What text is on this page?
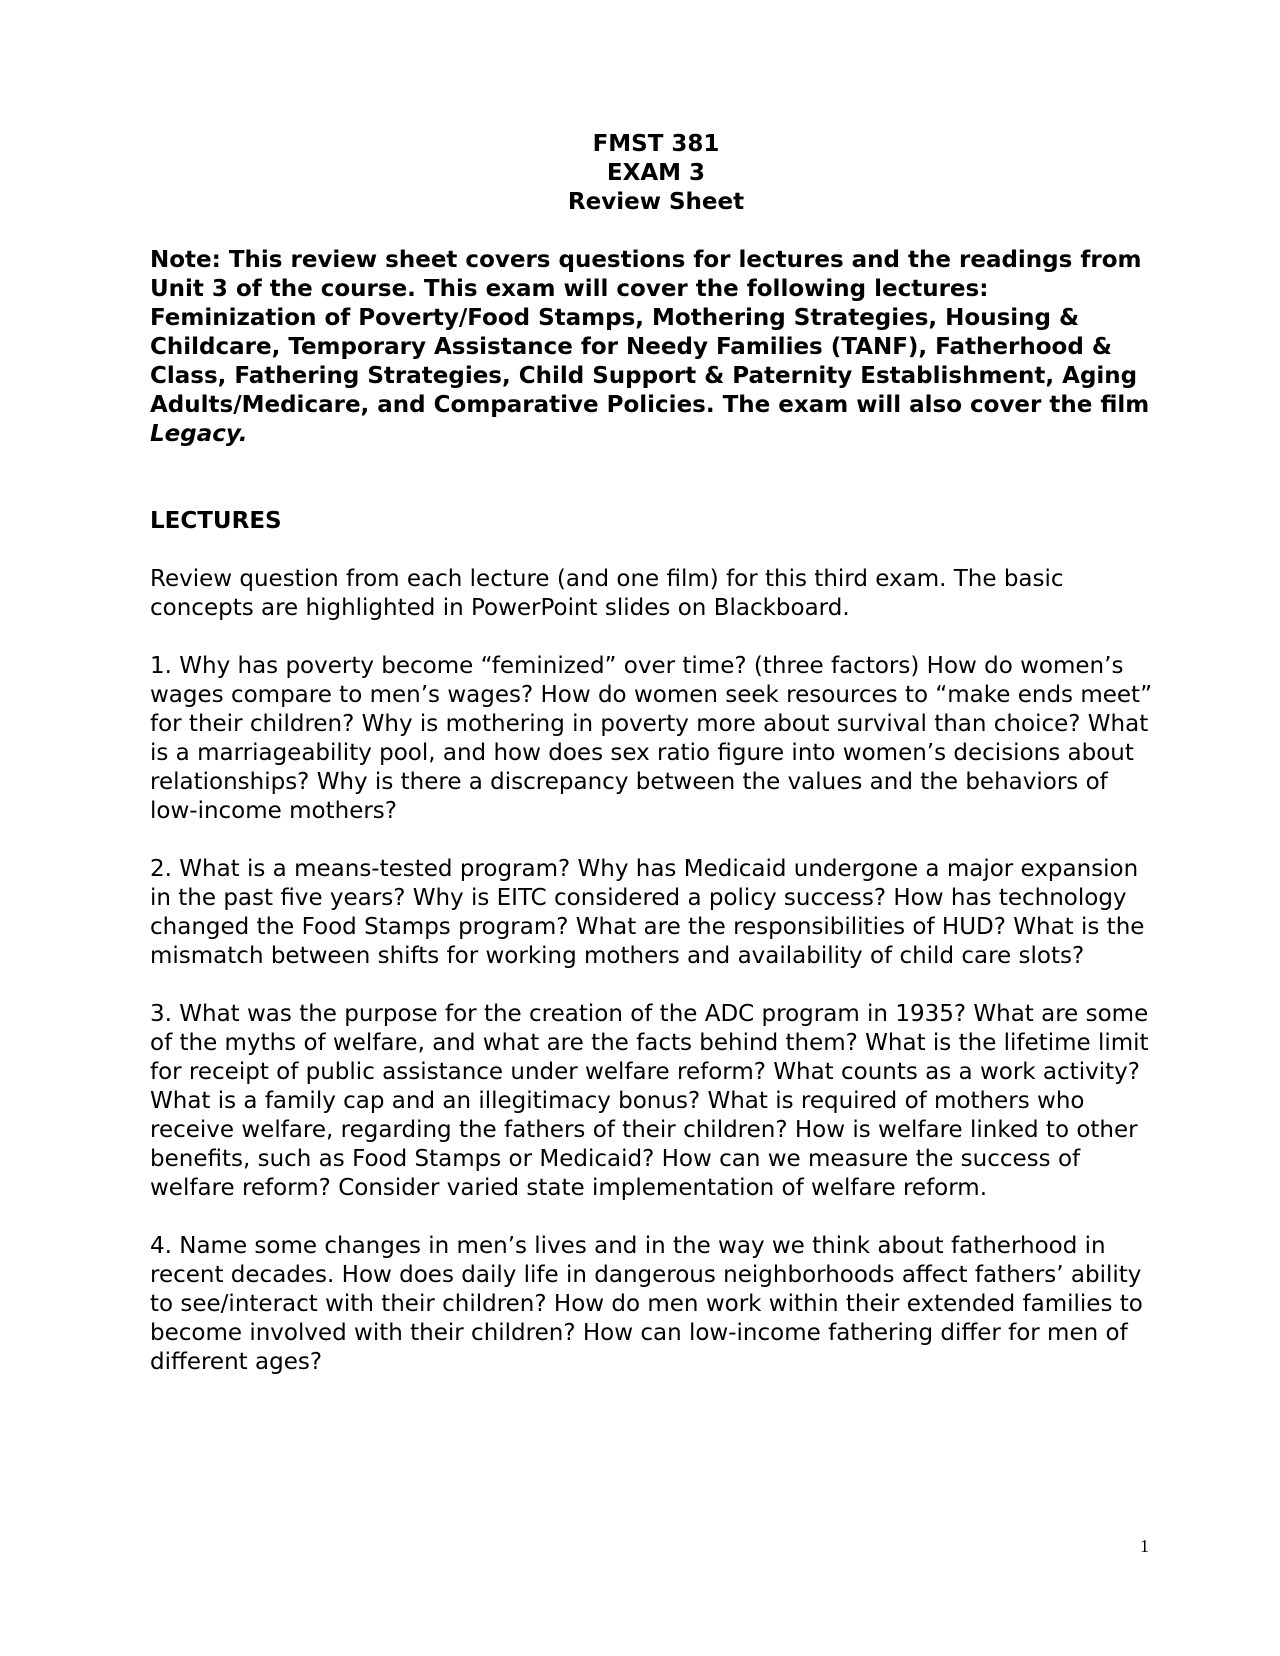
FMST 381
EXAM 3
Review Sheet
Note: This review sheet covers questions for lectures and the readings from Unit 3 of the course. This exam will cover the following lectures: Feminization of Poverty/Food Stamps, Mothering Strategies, Housing & Childcare, Temporary Assistance for Needy Families (TANF), Fatherhood & Class, Fathering Strategies, Child Support & Paternity Establishment, Aging Adults/Medicare, and Comparative Policies. The exam will also cover the film Legacy.
LECTURES
Review question from each lecture (and one film) for this third exam. The basic concepts are highlighted in PowerPoint slides on Blackboard.
1. Why has poverty become “feminized” over time? (three factors) How do women’s wages compare to men’s wages? How do women seek resources to “make ends meet” for their children? Why is mothering in poverty more about survival than choice? What is a marriageability pool, and how does sex ratio figure into women’s decisions about relationships? Why is there a discrepancy between the values and the behaviors of low-income mothers?
2. What is a means-tested program? Why has Medicaid undergone a major expansion in the past five years? Why is EITC considered a policy success? How has technology changed the Food Stamps program? What are the responsibilities of HUD? What is the mismatch between shifts for working mothers and availability of child care slots?
3. What was the purpose for the creation of the ADC program in 1935? What are some of the myths of welfare, and what are the facts behind them? What is the lifetime limit for receipt of public assistance under welfare reform? What counts as a work activity? What is a family cap and an illegitimacy bonus? What is required of mothers who receive welfare, regarding the fathers of their children? How is welfare linked to other benefits, such as Food Stamps or Medicaid? How can we measure the success of welfare reform? Consider varied state implementation of welfare reform.
4. Name some changes in men’s lives and in the way we think about fatherhood in recent decades. How does daily life in dangerous neighborhoods affect fathers’ ability to see/interact with their children? How do men work within their extended families to become involved with their children? How can low-income fathering differ for men of different ages?
1
